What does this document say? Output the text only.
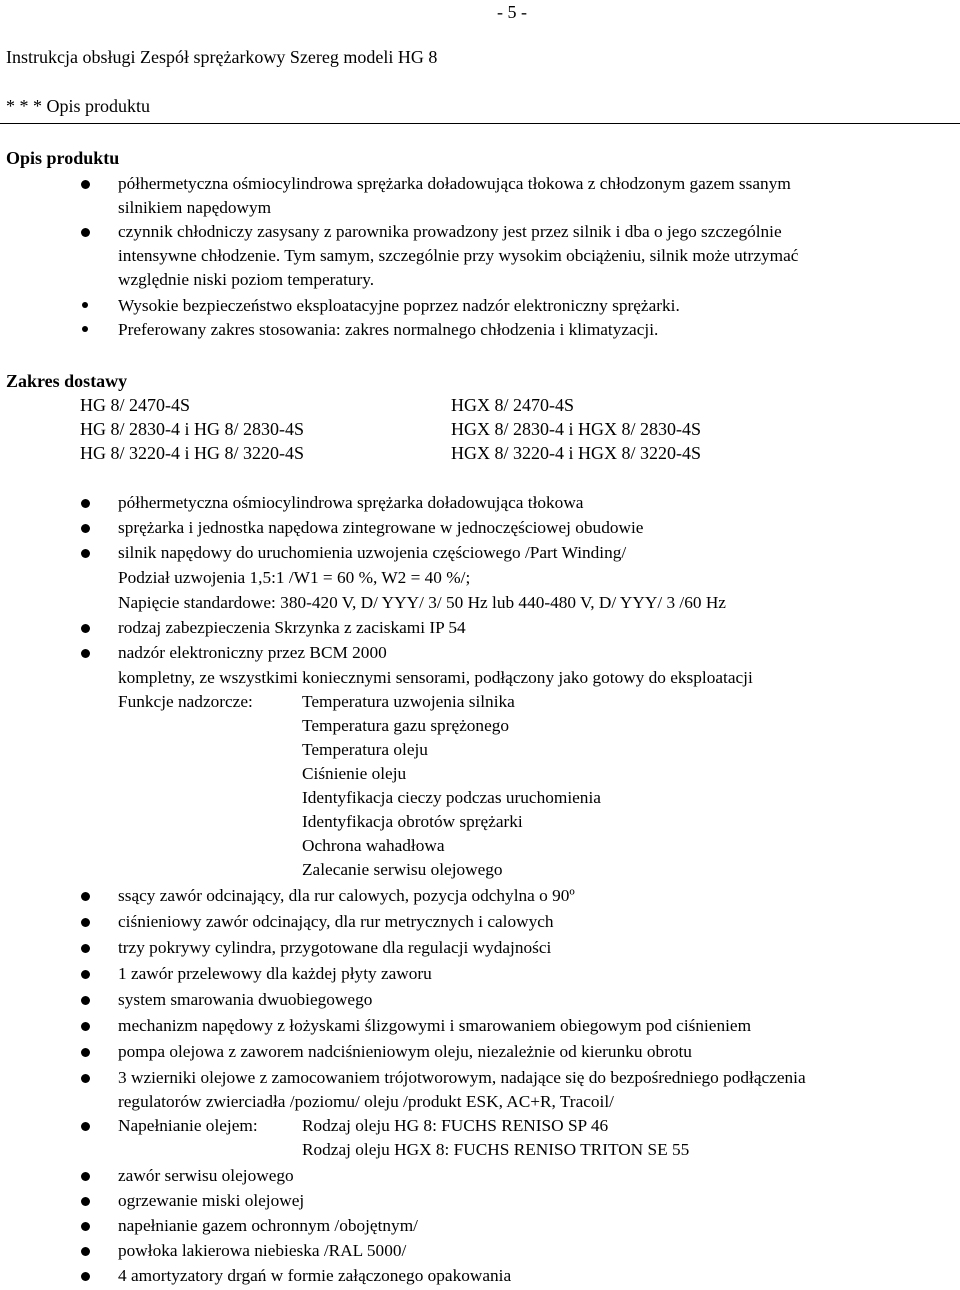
- 5 -
Instrukcja obsługi Zespół sprężarkowy Szereg modeli HG 8
* * * Opis produktu
Opis produktu
półhermetyczna ośmiocylindrowa sprężarka doładowująca tłokowa z chłodzonym gazem ssanym
silnikiem napędowym
czynnik chłodniczy zasysany z parownika prowadzony jest przez silnik i dba o jego szczególnie
intensywne chłodzenie. Tym samym, szczególnie przy wysokim obciążeniu, silnik może utrzymać
względnie niski poziom temperatury.
Wysokie bezpieczeństwo eksploatacyjne poprzez nadzór elektroniczny sprężarki.
Preferowany zakres stosowania: zakres normalnego chłodzenia i klimatyzacji.
Zakres dostawy
HG 8/ 2470-4S
HG 8/ 2830-4 i HG 8/ 2830-4S
HG 8/ 3220-4 i HG 8/ 3220-4S
HGX 8/ 2470-4S
HGX 8/ 2830-4 i HGX 8/ 2830-4S
HGX 8/ 3220-4 i HGX 8/ 3220-4S
półhermetyczna ośmiocylindrowa sprężarka doładowująca tłokowa
sprężarka i jednostka napędowa zintegrowane w jednoczęściowej obudowie
silnik napędowy do uruchomienia uzwojenia częściowego /Part Winding/
Podział uzwojenia 1,5:1 /W1 = 60 %, W2 = 40 %/;
Napięcie standardowe: 380-420 V, D/ YYY/ 3/ 50 Hz lub 440-480 V, D/ YYY/ 3 /60 Hz
rodzaj zabezpieczenia Skrzynka z zaciskami IP 54
nadzór elektroniczny przez BCM 2000
kompletny, ze wszystkimi koniecznymi sensorami, podłączony jako gotowy do eksploatacji
Funkcje nadzorcze:	Temperatura uzwojenia silnika
Temperatura gazu sprężonego
Temperatura oleju
Ciśnienie oleju
Identyfikacja cieczy podczas uruchomienia
Identyfikacja obrotów sprężarki
Ochrona wahadłowa
Zalecanie serwisu olejowego
ssący zawór odcinający, dla rur calowych, pozycja odchylna o 90º
ciśnieniowy zawór odcinający, dla rur metrycznych i calowych
trzy pokrywy cylindra, przygotowane dla regulacji wydajności
1 zawór przelewowy dla każdej płyty zaworu
system smarowania dwuobiegowego
mechanizm napędowy z łożyskami ślizgowymi i smarowaniem obiegowym pod ciśnieniem
pompa olejowa z zaworem nadciśnieniowym oleju, niezależnie od kierunku obrotu
3 wzierniki olejowe z zamocowaniem trójotworowym, nadające się do bezpośredniego podłączenia
regulatorów zwierciadła /poziomu/ oleju /produkt ESK, AC+R, Tracoil/
Napełnianie olejem:	Rodzaj oleju HG 8: FUCHS RENISO SP 46
Rodzaj oleju HGX 8: FUCHS RENISO TRITON SE 55
zawór serwisu olejowego
ogrzewanie miski olejowej
napełnianie gazem ochronnym /obojętnym/
powłoka lakierowa niebieska /RAL 5000/
4 amortyzatory drgań w formie załączonego opakowania
